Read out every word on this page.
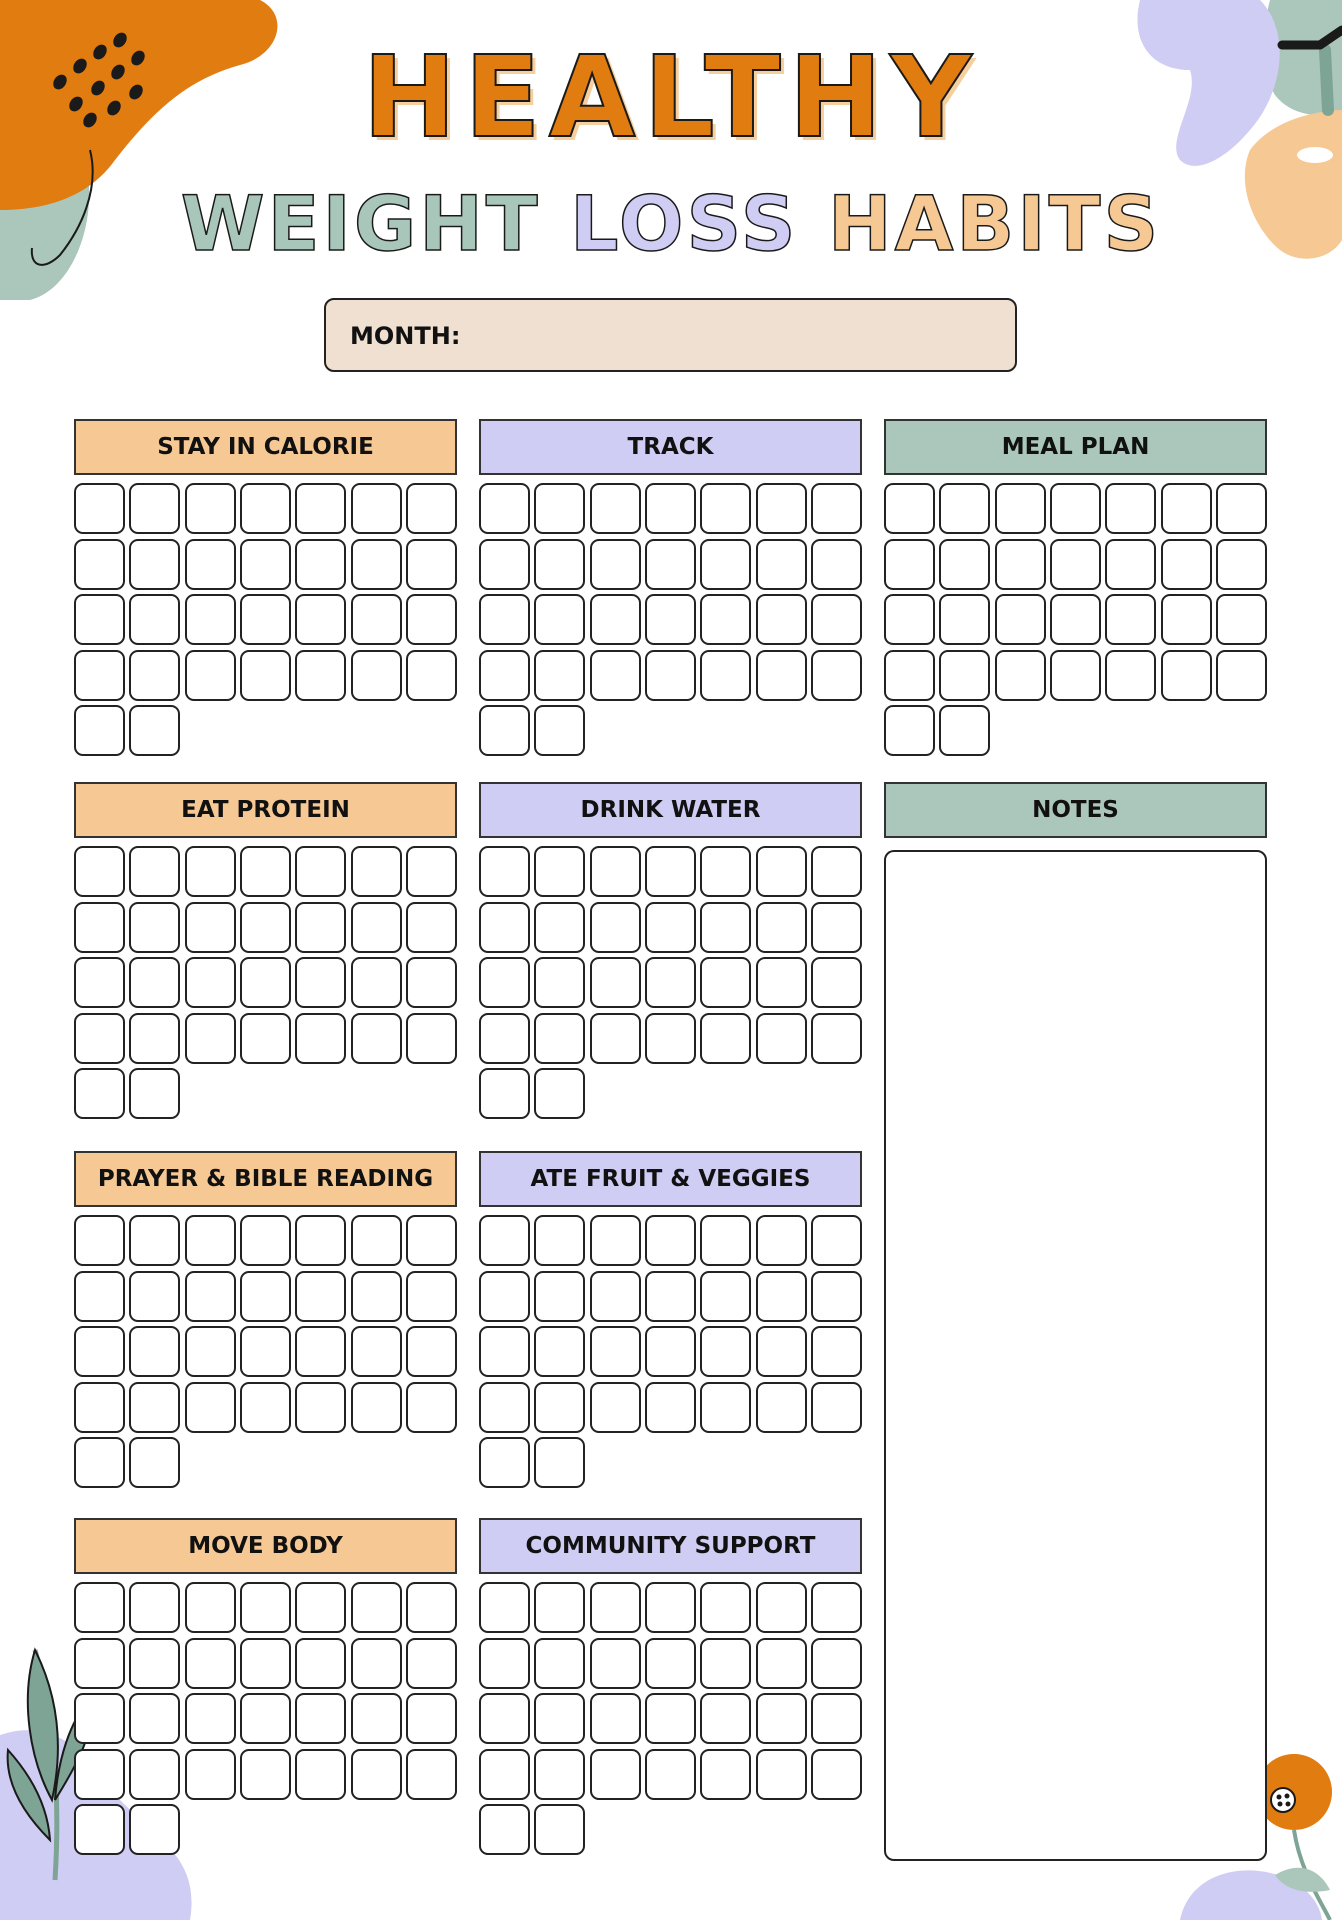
HEALTHY
WEIGHT LOSS HABITS
MONTH:
STAY IN CALORIE	TRACK	MEAL PLAN
EAT PROTEIN	DRINK WATER	NOTES
PRAYER & BIBLE READING	ATE FRUIT & VEGGIES
MOVE BODY	COMMUNITY SUPPORT
